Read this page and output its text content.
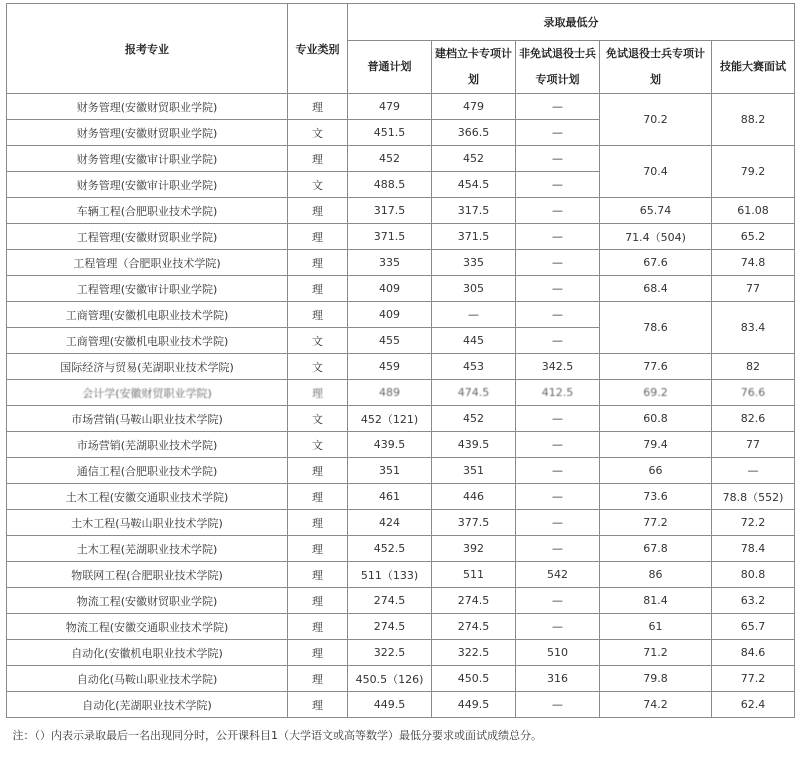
报考专业	专业类别	录取最低分				
		普通计划	建档立卡专项计划	非免试退役士兵专项计划	免试退役士兵专项计划	技能大赛面试
财务管理(安徽财贸职业学院)	理	479	479	—	70.2	88.2
财务管理(安徽财贸职业学院)	文	451.5	366.5	—		
财务管理(安徽审计职业学院)	理	452	452	—	70.4	79.2
财务管理(安徽审计职业学院)	文	488.5	454.5	—		
车辆工程(合肥职业技术学院)	理	317.5	317.5	—	65.74	61.08
工程管理(安徽财贸职业学院)	理	371.5	371.5	—	71.4（504)	65.2
工程管理（合肥职业技术学院)	理	335	335	—	67.6	74.8
工程管理(安徽审计职业学院)	理	409	305	—	68.4	77
工商管理(安徽机电职业技术学院)	理	409	—	—	78.6	83.4
工商管理(安徽机电职业技术学院)	文	455	445	—		
国际经济与贸易(芜湖职业技术学院)	文	459	453	342.5	77.6	82
会计学(安徽财贸职业学院)	理	489	474.5	412.5	69.2	76.6
市场营销(马鞍山职业技术学院)	文	452（121)	452	—	60.8	82.6
市场营销(芜湖职业技术学院)	文	439.5	439.5	—	79.4	77
通信工程(合肥职业技术学院)	理	351	351	—	66	—
土木工程(安徽交通职业技术学院)	理	461	446	—	73.6	78.8（552)
土木工程(马鞍山职业技术学院)	理	424	377.5	—	77.2	72.2
土木工程(芜湖职业技术学院)	理	452.5	392	—	67.8	78.4
物联网工程(合肥职业技术学院)	理	511（133)	511	542	86	80.8
物流工程(安徽财贸职业学院)	理	274.5	274.5	—	81.4	63.2
物流工程(安徽交通职业技术学院)	理	274.5	274.5	—	61	65.7
自动化(安徽机电职业技术学院)	理	322.5	322.5	510	71.2	84.6
自动化(马鞍山职业技术学院)	理	450.5（126)	450.5	316	79.8	77.2
自动化(芜湖职业技术学院)	理	449.5	449.5	—	74.2	62.4
注：（）内表示录取最后一名出现同分时，公开课科目1（大学语文或高等数学）最低分要求或面试成绩总分。						
